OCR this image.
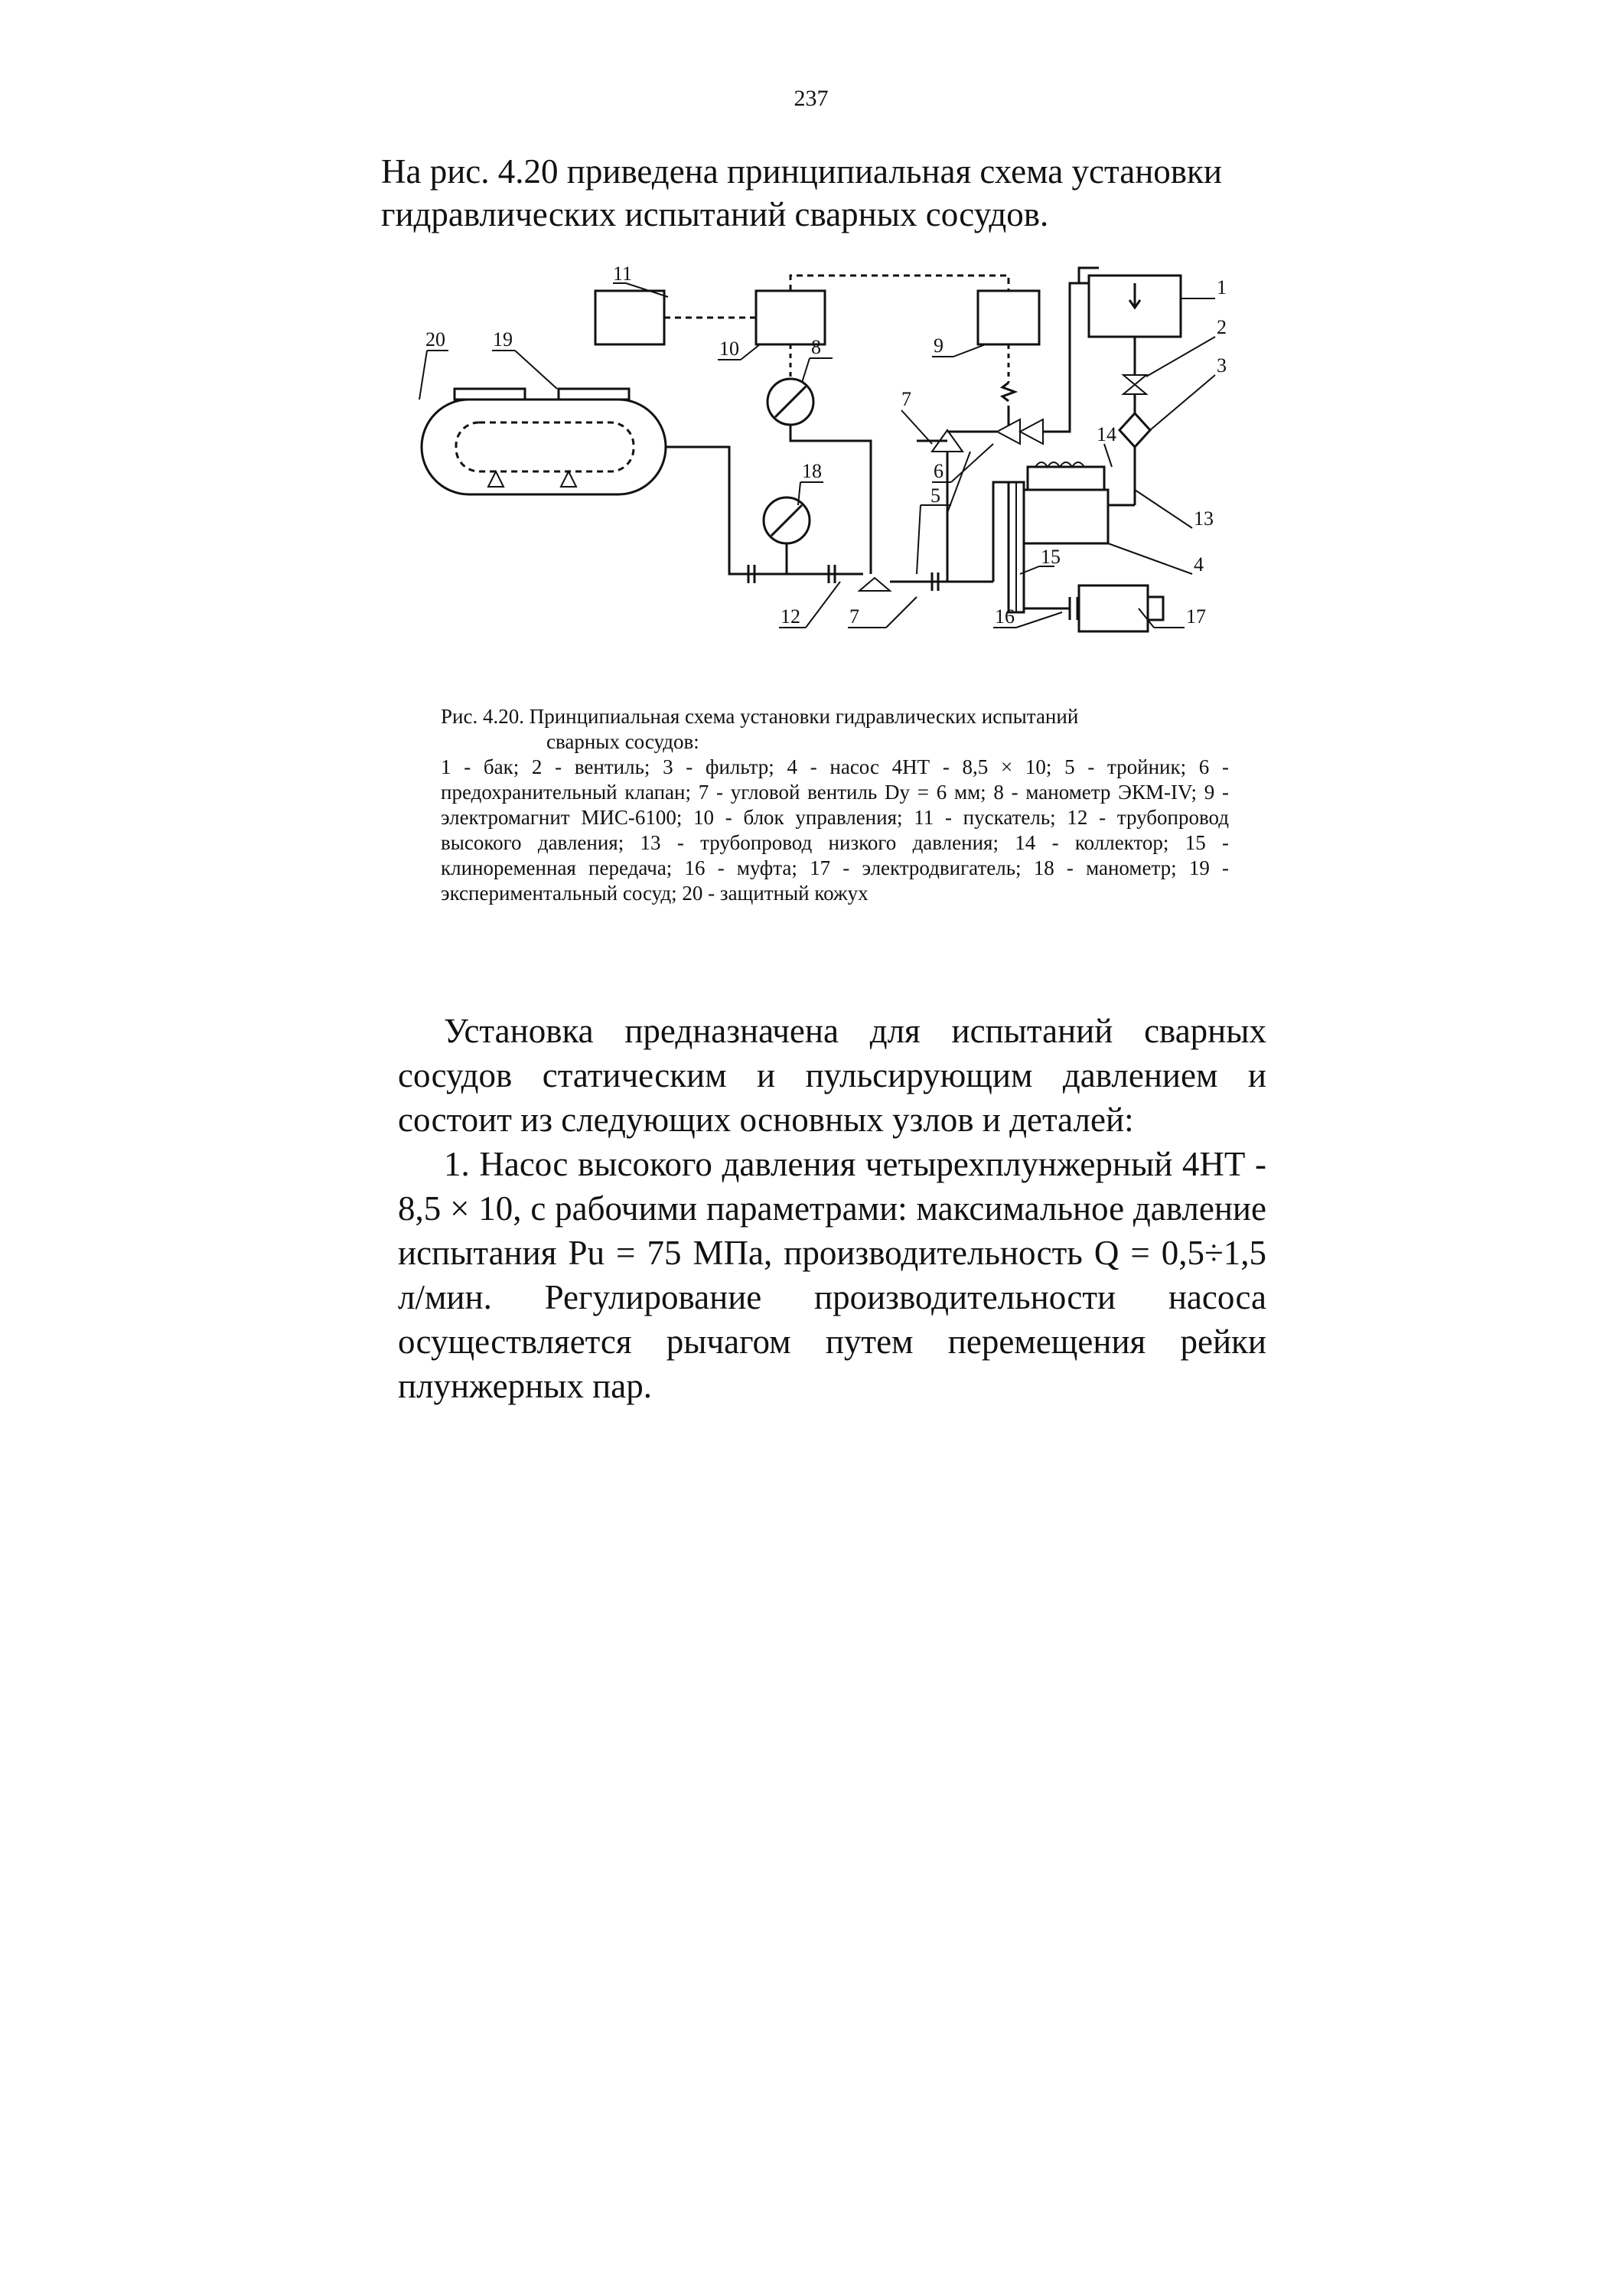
237
На рис. 4.20 приведена принципиальная схема установки гидравлических испытаний сварных сосудов.
11
20 19	10	8	9
1
2
3
14
7
6
18
5
13
4
15
12 7	16	17
Рис. 4.20. Принципиальная схема установки гидравлических испытаний
сварных сосудов:
1 - бак; 2 - вентиль; 3 - фильтр; 4 - насос 4НТ - 8,5 × 10; 5 - тройник; 6 - предохранительный клапан; 7 - угловой вентиль Dу = 6 мм; 8 - манометр ЭКМ-IV; 9 - электромагнит МИС-6100; 10 - блок управления; 11 - пускатель; 12 - трубопровод высокого давления; 13 - трубопровод низкого давления; 14 - коллектор; 15 - клиноременная передача; 16 - муфта; 17 - электродвигатель; 18 - манометр; 19 - экспериментальный сосуд; 20 - защитный кожух

Установка предназначена для испытаний сварных сосудов статическим и пульсирующим давлением и состоит из следующих основных узлов и деталей:

1. Насос высокого давления четырехплунжерный 4НТ - 8,5 × 10, с рабочими параметрами: максимальное давление испытания Pu = 75 МПа, производительность Q = 0,5÷1,5 л/мин. Регулирование производительности насоса осуществляется рычагом путем перемещения рейки плунжерных пар.
